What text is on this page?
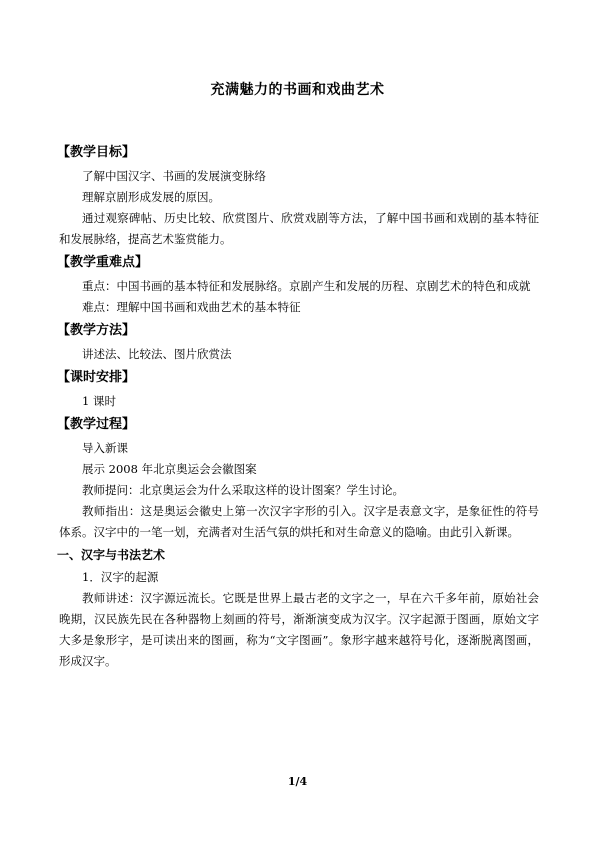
充满魅力的书画和戏曲艺术
【教学目标】

了解中国汉字、书画的发展演变脉络

理解京剧形成发展的原因。

通过观察碑帖、历史比较、欣赏图片、欣赏戏剧等方法，了解中国书画和戏剧的基本特征和发展脉络，提高艺术鉴赏能力。

【教学重难点】

重点：中国书画的基本特征和发展脉络。京剧产生和发展的历程、京剧艺术的特色和成就

难点：理解中国书画和戏曲艺术的基本特征

【教学方法】

讲述法、比较法、图片欣赏法

【课时安排】

1 课时

【教学过程】

导入新课

展示 2008 年北京奥运会会徽图案

教师提问：北京奥运会为什么采取这样的设计图案？学生讨论。

教师指出：这是奥运会徽史上第一次汉字字形的引入。汉字是表意文字，是象征性的符号体系。汉字中的一笔一划，充满者对生活气氛的烘托和对生命意义的隐喻。由此引入新课。

一、汉字与书法艺术

1．汉字的起源

教师讲述：汉字源远流长。它既是世界上最古老的文字之一，早在六千多年前，原始社会晚期，汉民族先民在各种器物上刻画的符号，渐渐演变成为汉字。汉字起源于图画，原始文字大多是象形字，是可读出来的图画，称为“文字图画”。象形字越来越符号化，逐渐脱离图画，形成汉字。

1/4
